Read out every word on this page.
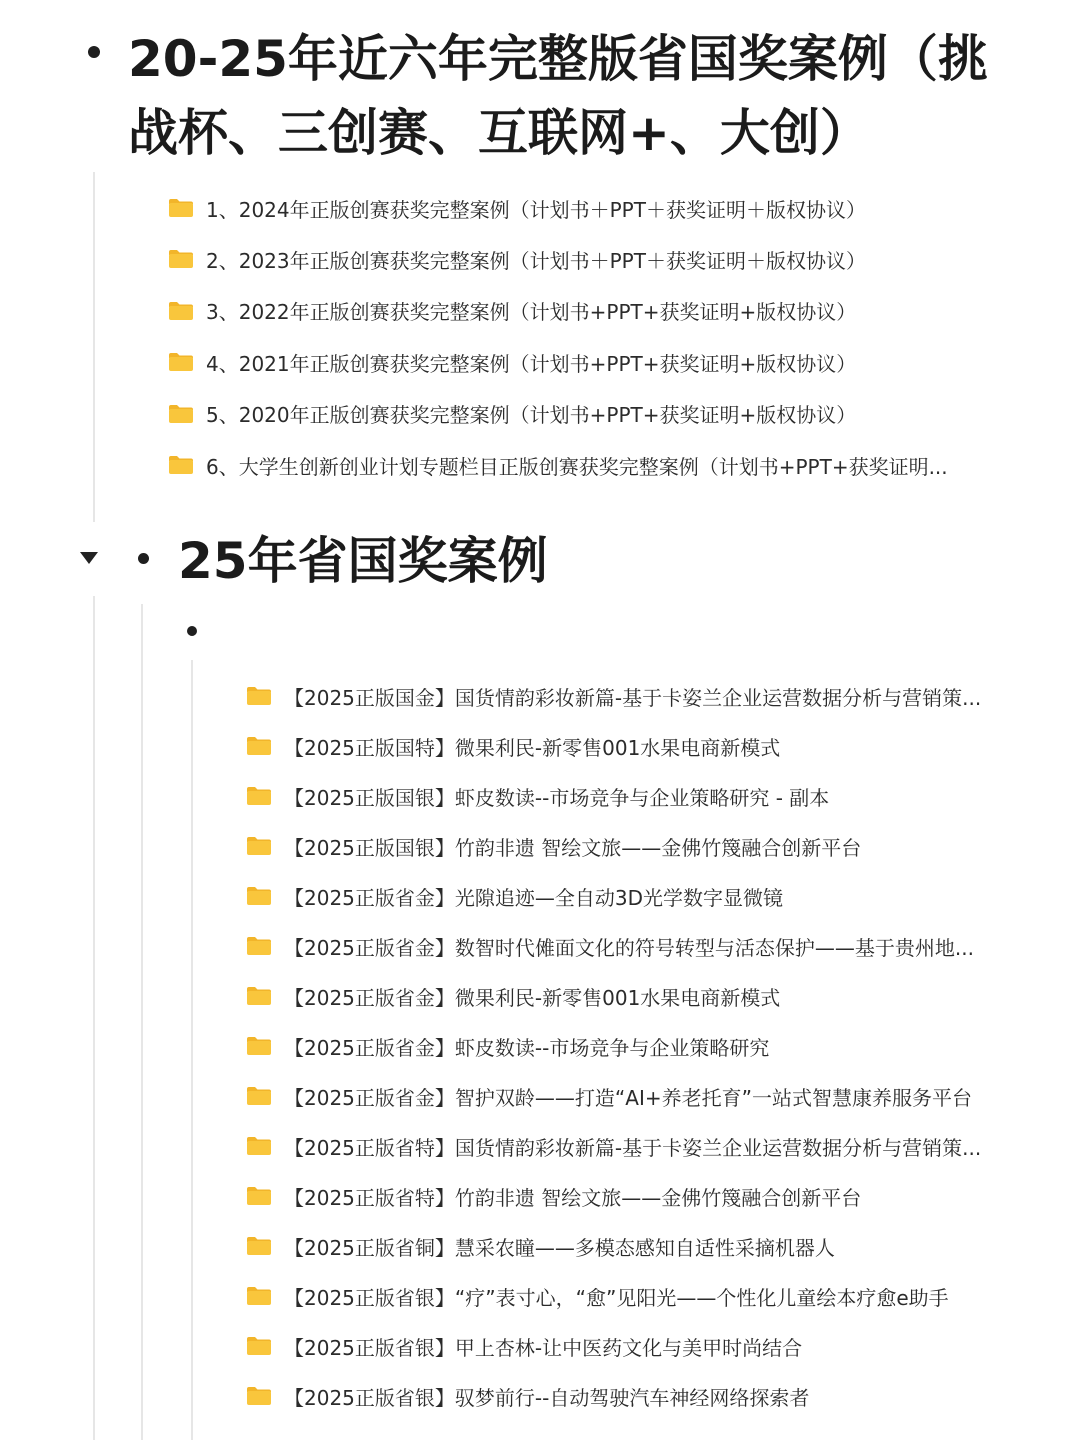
20-25年近六年完整版省国奖案例（挑战杯、三创赛、互联网+、大创）
1、2024年正版创赛获奖完整案例（计划书＋PPT＋获奖证明＋版权协议）
2、2023年正版创赛获奖完整案例（计划书＋PPT＋获奖证明＋版权协议）
3、2022年正版创赛获奖完整案例（计划书+PPT+获奖证明+版权协议）
4、2021年正版创赛获奖完整案例（计划书+PPT+获奖证明+版权协议）
5、2020年正版创赛获奖完整案例（计划书+PPT+获奖证明+版权协议）
6、大学生创新创业计划专题栏目正版创赛获奖完整案例（计划书+PPT+获奖证明...
25年省国奖案例
【2025正版国金】国货情韵彩妆新篇-基于卡姿兰企业运营数据分析与营销策...
【2025正版国特】微果利民-新零售001水果电商新模式
【2025正版国银】虾皮数读--市场竞争与企业策略研究 - 副本
【2025正版国银】竹韵非遗 智绘文旅——金佛竹篾融合创新平台
【2025正版省金】光隙追迹—全自动3D光学数字显微镜
【2025正版省金】数智时代傩面文化的符号转型与活态保护——基于贵州地...
【2025正版省金】微果利民-新零售001水果电商新模式
【2025正版省金】虾皮数读--市场竞争与企业策略研究
【2025正版省金】智护双龄——打造“AI+养老托育”一站式智慧康养服务平台
【2025正版省特】国货情韵彩妆新篇-基于卡姿兰企业运营数据分析与营销策...
【2025正版省特】竹韵非遗 智绘文旅——金佛竹篾融合创新平台
【2025正版省铜】慧采农瞳——多模态感知自适性采摘机器人
【2025正版省银】“疗”表寸心，“愈”见阳光——个性化儿童绘本疗愈e助手
【2025正版省银】甲上杏林-让中医药文化与美甲时尚结合
【2025正版省银】驭梦前行--自动驾驶汽车神经网络探索者
